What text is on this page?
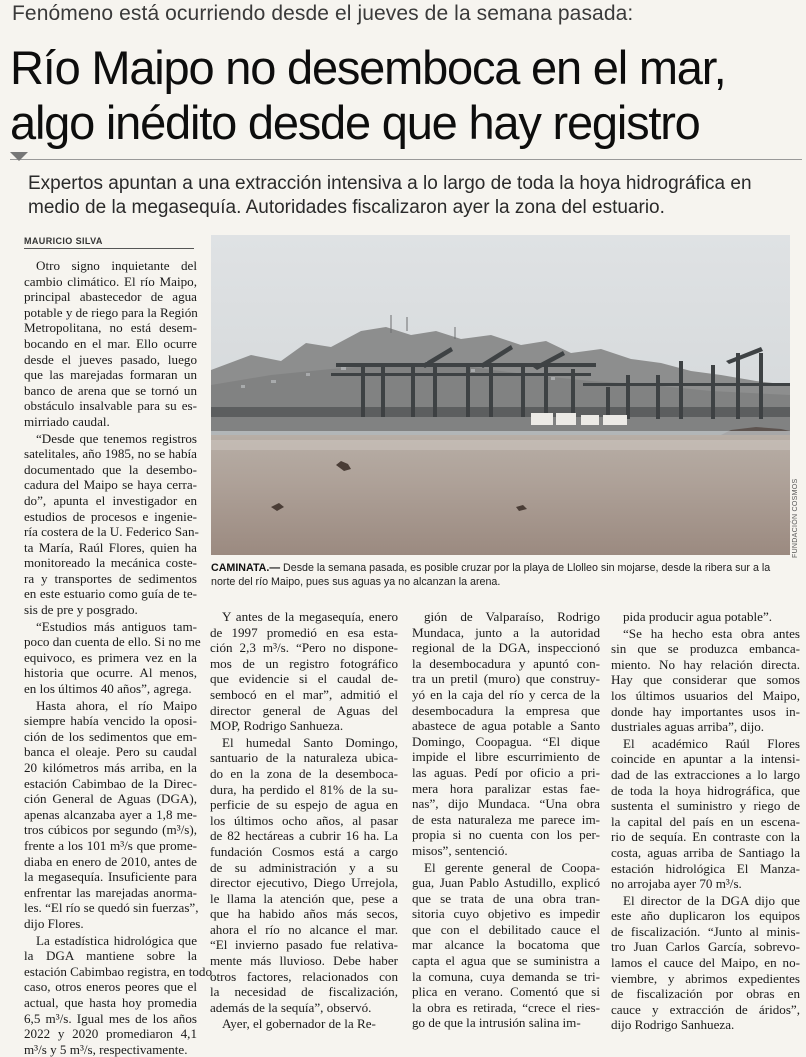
Fenómeno está ocurriendo desde el jueves de la semana pasada:
Río Maipo no desemboca en el mar,
algo inédito desde que hay registro
Expertos apuntan a una extracción intensiva a lo largo de toda la hoya hidrográfica en
medio de la megasequía. Autoridades fiscalizaron ayer la zona del estuario.
MAURICIO SILVA
FUNDACIÓN COSMOS
CAMINATA.— Desde la semana pasada, es posible cruzar por la playa de Llolleo sin mojarse, desde la ribera sur a la
norte del río Maipo, pues sus aguas ya no alcanzan la arena.
Otro signo inquietante del
cambio climático. El río Maipo,
principal abastecedor de agua
potable y de riego para la Región
Metropolitana, no está desem-
bocando en el mar. Ello ocurre
desde el jueves pasado, luego
que las marejadas formaran un
banco de arena que se tornó un
obstáculo insalvable para su es-
mirriado caudal.
“Desde que tenemos registros
satelitales, año 1985, no se había
documentado que la desembo-
cadura del Maipo se haya cerra-
do”, apunta el investigador en
estudios de procesos e ingenie-
ría costera de la U. Federico San-
ta María, Raúl Flores, quien ha
monitoreado la mecánica coste-
ra y transportes de sedimentos
en este estuario como guía de te-
sis de pre y posgrado.
“Estudios más antiguos tam-
poco dan cuenta de ello. Si no me
equivoco, es primera vez en la
historia que ocurre. Al menos,
en los últimos 40 años”, agrega.
Hasta ahora, el río Maipo
siempre había vencido la oposi-
ción de los sedimentos que em-
banca el oleaje. Pero su caudal
20 kilómetros más arriba, en la
estación Cabimbao de la Direc-
ción General de Aguas (DGA),
apenas alcanzaba ayer a 1,8 me-
tros cúbicos por segundo (m³/s),
frente a los 101 m³/s que prome-
diaba en enero de 2010, antes de
la megasequía. Insuficiente para
enfrentar las marejadas anorma-
les. “El río se quedó sin fuerzas”,
dijo Flores.
La estadística hidrológica que
la DGA mantiene sobre la
estación Cabimbao registra, en todo
caso, otros eneros peores que el
actual, que hasta hoy promedia
6,5 m³/s. Igual mes de los años
2022 y 2020 promediaron 4,1
m³/s y 5 m³/s, respectivamente.
Y antes de la megasequía, enero
de 1997 promedió en esa esta-
ción 2,3 m³/s. “Pero no dispone-
mos de un registro fotográfico
que evidencie si el caudal de-
sembocó en el mar”, admitió el
director general de Aguas del
MOP, Rodrigo Sanhueza.
El humedal Santo Domingo,
santuario de la naturaleza ubica-
do en la zona de la desemboca-
dura, ha perdido el 81% de la su-
perficie de su espejo de agua en
los últimos ocho años, al pasar
de 82 hectáreas a cubrir 16 ha. La
fundación Cosmos está a cargo
de su administración y a su
director ejecutivo, Diego Urrejola,
le llama la atención que, pese a
que ha habido años más secos,
ahora el río no alcance el mar.
“El invierno pasado fue relativa-
mente más lluvioso. Debe haber
otros factores, relacionados con
la necesidad de fiscalización,
además de la sequía”, observó.
Ayer, el gobernador de la Re-
gión de Valparaíso, Rodrigo
Mundaca, junto a la autoridad
regional de la DGA, inspeccionó
la desembocadura y apuntó con-
tra un pretil (muro) que construy-
yó en la caja del río y cerca de la
desembocadura la empresa que
abastece de agua potable a Santo
Domingo, Coopagua. “El dique
impide el libre escurrimiento de
las aguas. Pedí por oficio a pri-
mera hora paralizar estas fae-
nas”, dijo Mundaca. “Una obra
de esta naturaleza me parece im-
propia si no cuenta con los per-
misos”, sentenció.
El gerente general de Coopa-
gua, Juan Pablo Astudillo, explicó
que se trata de una obra tran-
sitoria cuyo objetivo es impedir
que con el debilitado cauce el
mar alcance la bocatoma que
capta el agua que se suministra a
la comuna, cuya demanda se tri-
plica en verano. Comentó que si
la obra es retirada, “crece el ries-
go de que la intrusión salina im-
pida producir agua potable”.
“Se ha hecho esta obra antes
sin que se produzca embanca-
miento. No hay relación directa.
Hay que considerar que somos
los últimos usuarios del Maipo,
donde hay importantes usos in-
dustriales aguas arriba”, dijo.
El académico Raúl Flores
coincide en apuntar a la intensi-
dad de las extracciones a lo largo
de toda la hoya hidrográfica, que
sustenta el suministro y riego de
la capital del país en un escena-
rio de sequía. En contraste con la
costa, aguas arriba de Santiago la
estación hidrológica El Manza-
no arrojaba ayer 70 m³/s.
El director de la DGA dijo que
este año duplicaron los equipos
de fiscalización. “Junto al minis-
tro Juan Carlos García, sobrevo-
lamos el cauce del Maipo, en no-
viembre, y abrimos expedientes
de fiscalización por obras en
cauce y extracción de áridos”,
dijo Rodrigo Sanhueza.
